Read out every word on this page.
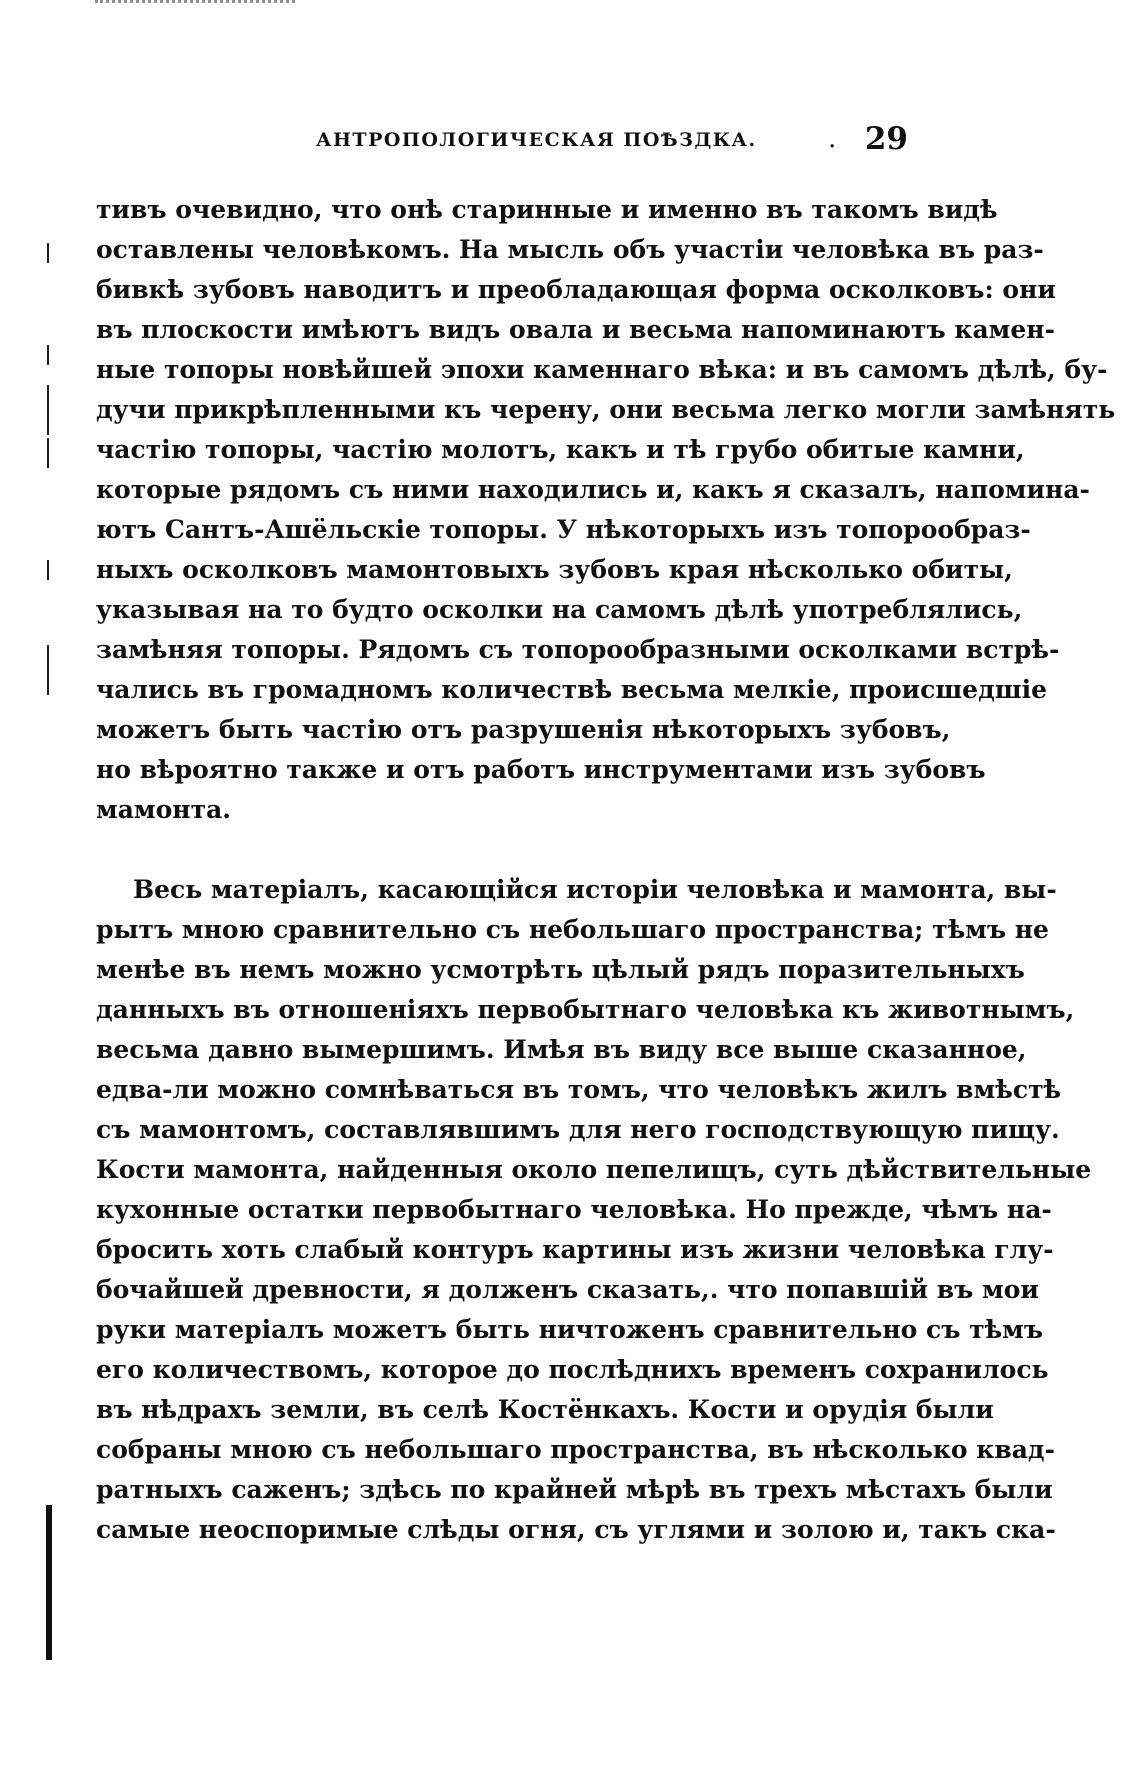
АНТРОПОЛОГИЧЕСКАЯ ПОѢЗДКА.	. 29
тивъ очевидно, что онѣ старинные и именно въ такомъ видѣ
оставлены человѣкомъ. На мысль объ участіи человѣка въ раз-
бивкѣ зубовъ наводитъ и преобладающая форма осколковъ: они
въ плоскости имѣютъ видъ овала и весьма напоминаютъ камен-
ные топоры новѣйшей эпохи каменнаго вѣка: и въ самомъ дѣлѣ, бу-
дучи прикрѣпленными къ черену, они весьма легко могли замѣнять
частію топоры, частію молотъ, какъ и тѣ грубо обитые камни,
которые рядомъ съ ними находились и, какъ я сказалъ, напомина-
ютъ Сантъ-Ашёльскіе топоры. У нѣкоторыхъ изъ топорообраз-
ныхъ осколковъ мамонтовыхъ зубовъ края нѣсколько обиты,
указывая на то будто осколки на самомъ дѣлѣ употреблялись,
замѣняя топоры. Рядомъ съ топорообразными осколками встрѣ-
чались въ громадномъ количествѣ весьма мелкіе, происшедшіе
можетъ быть частію отъ разрушенія нѣкоторыхъ зубовъ,
но вѣроятно также и отъ работъ инструментами изъ зубовъ
мамонта.
Весь матеріалъ, касающійся исторіи человѣка и мамонта, вы-
рытъ мною сравнительно съ небольшаго пространства; тѣмъ не
менѣе въ немъ можно усмотрѣть цѣлый рядъ поразительныхъ
данныхъ въ отношеніяхъ первобытнаго человѣка къ животнымъ,
весьма давно вымершимъ. Имѣя въ виду все выше сказанное,
едва-ли можно сомнѣваться въ томъ, что человѣкъ жилъ вмѣстѣ
съ мамонтомъ, составлявшимъ для него господствующую пищу.
Кости мамонта, найденныя около пепелищъ, суть дѣйствительные
кухонные остатки первобытнаго человѣка. Но прежде, чѣмъ на-
бросить хоть слабый контуръ картины изъ жизни человѣка глу-
бочайшей древности, я долженъ сказать,. что попавшій въ мои
руки матеріалъ можетъ быть ничтоженъ сравнительно съ тѣмъ
его количествомъ, которое до послѣднихъ временъ сохранилось
въ нѣдрахъ земли, въ селѣ Костёнкахъ. Кости и орудія были
собраны мною съ небольшаго пространства, въ нѣсколько квад-
ратныхъ саженъ; здѣсь по крайней мѣрѣ въ трехъ мѣстахъ были
самые неоспоримые слѣды огня, съ углями и золою и, такъ ска-
